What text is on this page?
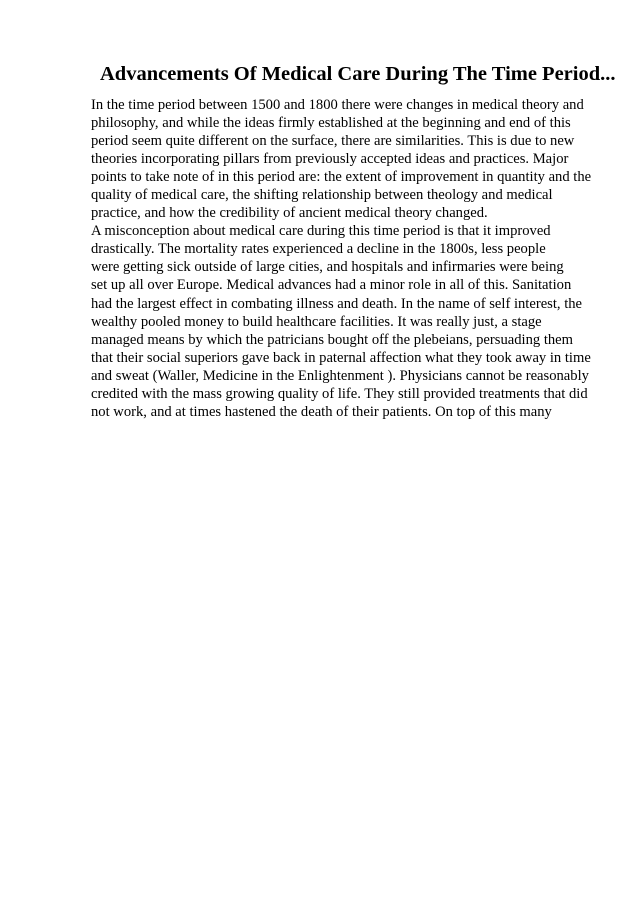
Advancements Of Medical Care During The Time Period...
In the time period between 1500 and 1800 there were changes in medical theory and
philosophy, and while the ideas firmly established at the beginning and end of this
period seem quite different on the surface, there are similarities. This is due to new
theories incorporating pillars from previously accepted ideas and practices. Major
points to take note of in this period are: the extent of improvement in quantity and the
quality of medical care, the shifting relationship between theology and medical
practice, and how the credibility of ancient medical theory changed.
A misconception about medical care during this time period is that it improved
drastically. The mortality rates experienced a decline in the 1800s, less people
were getting sick outside of large cities, and hospitals and infirmaries were being
set up all over Europe. Medical advances had a minor role in all of this. Sanitation
had the largest effect in combating illness and death. In the name of self interest, the
wealthy pooled money to build healthcare facilities. It was really just, a stage
managed means by which the patricians bought off the plebeians, persuading them
that their social superiors gave back in paternal affection what they took away in time
and sweat (Waller, Medicine in the Enlightenment ). Physicians cannot be reasonably
credited with the mass growing quality of life. They still provided treatments that did
not work, and at times hastened the death of their patients. On top of this many
